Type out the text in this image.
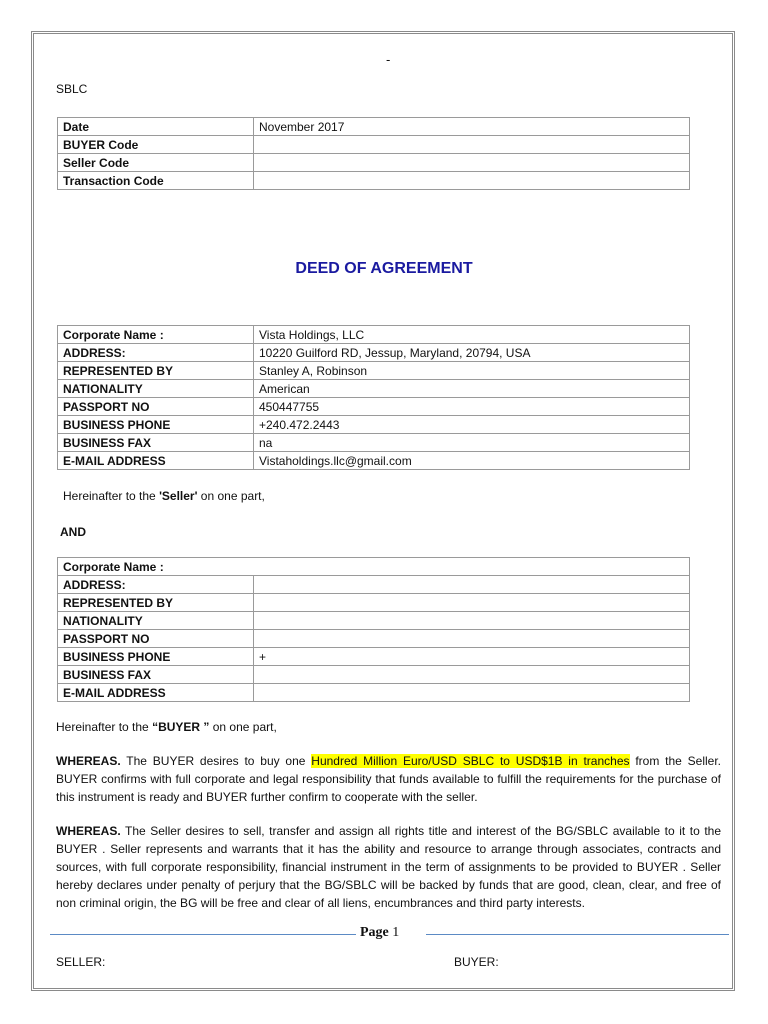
-
SBLC
Date	November 2017
BUYER Code	
Seller Code	
Transaction Code	
DEED OF AGREEMENT
Corporate Name :	Vista Holdings, LLC
ADDRESS:	10220 Guilford RD, Jessup, Maryland, 20794, USA
REPRESENTED BY	Stanley A, Robinson
NATIONALITY	American
PASSPORT NO	450447755
BUSINESS PHONE	+240.472.2443
BUSINESS FAX	na
E-MAIL ADDRESS	Vistaholdings.llc@gmail.com
Hereinafter to the 'Seller' on one part,
AND
Corporate Name :	
ADDRESS:	
REPRESENTED BY	
NATIONALITY	
PASSPORT NO	
BUSINESS PHONE	+
BUSINESS FAX	
E-MAIL ADDRESS	
Hereinafter to the “BUYER ” on one part,
WHEREAS. The BUYER desires to buy one Hundred Million Euro/USD SBLC to USD$1B in tranches from the Seller. BUYER confirms with full corporate and legal responsibility that funds available to fulfill the requirements for the purchase of this instrument is ready and BUYER further confirm to cooperate with the seller.
WHEREAS. The Seller desires to sell, transfer and assign all rights title and interest of the BG/SBLC available to it to the BUYER . Seller represents and warrants that it has the ability and resource to arrange through associates, contracts and sources, with full corporate responsibility, financial instrument in the term of assignments to be provided to BUYER . Seller hereby declares under penalty of perjury that the BG/SBLC will be backed by funds that are good, clean, clear, and free of non criminal origin, the BG will be free and clear of all liens, encumbrances and third party interests.
Page 1
SELLER:	BUYER:
